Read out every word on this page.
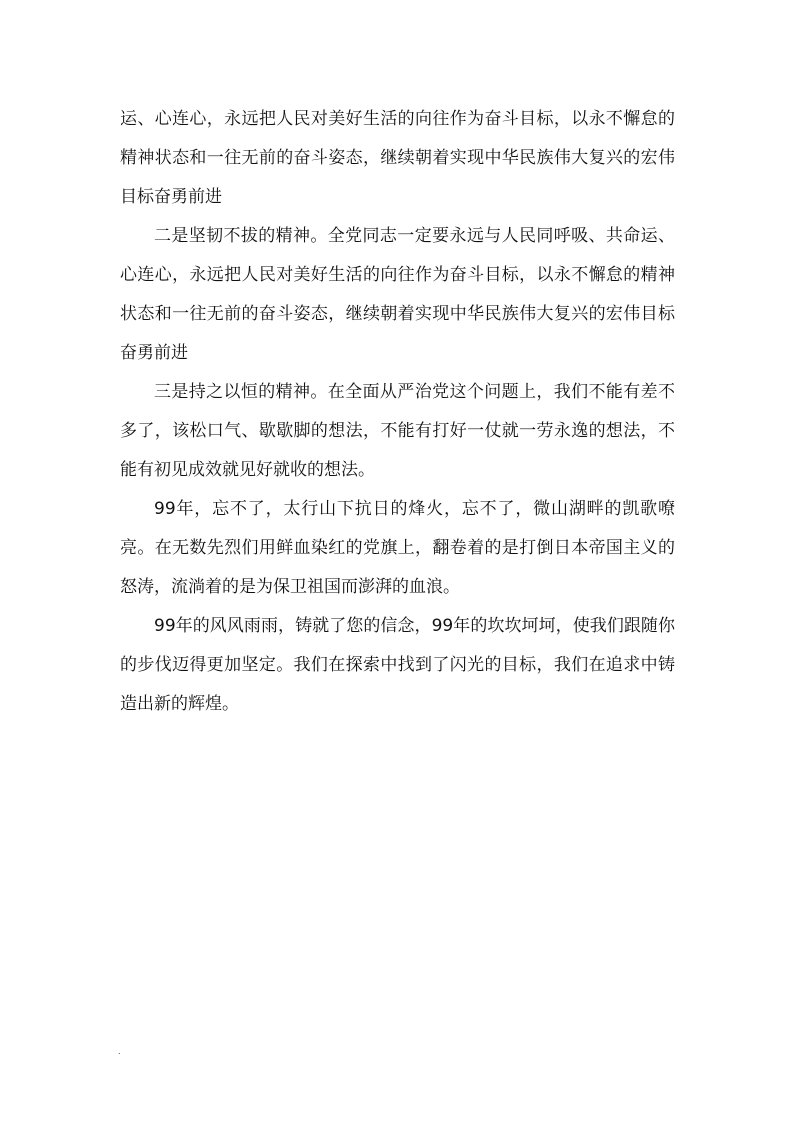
运、心连心，永远把人民对美好生活的向往作为奋斗目标，以永不懈怠的精神状态和一往无前的奋斗姿态，继续朝着实现中华民族伟大复兴的宏伟目标奋勇前进

二是坚韧不拔的精神。全党同志一定要永远与人民同呼吸、共命运、心连心，永远把人民对美好生活的向往作为奋斗目标，以永不懈怠的精神状态和一往无前的奋斗姿态，继续朝着实现中华民族伟大复兴的宏伟目标奋勇前进

三是持之以恒的精神。在全面从严治党这个问题上，我们不能有差不多了，该松口气、歇歇脚的想法，不能有打好一仗就一劳永逸的想法，不能有初见成效就见好就收的想法。

99年，忘不了，太行山下抗日的烽火，忘不了，微山湖畔的凯歌嘹亮。在无数先烈们用鲜血染红的党旗上，翻卷着的是打倒日本帝国主义的怒涛，流淌着的是为保卫祖国而澎湃的血浪。

99年的风风雨雨，铸就了您的信念，99年的坎坎坷坷，使我们跟随你的步伐迈得更加坚定。我们在探索中找到了闪光的目标，我们在追求中铸造出新的辉煌。

.
